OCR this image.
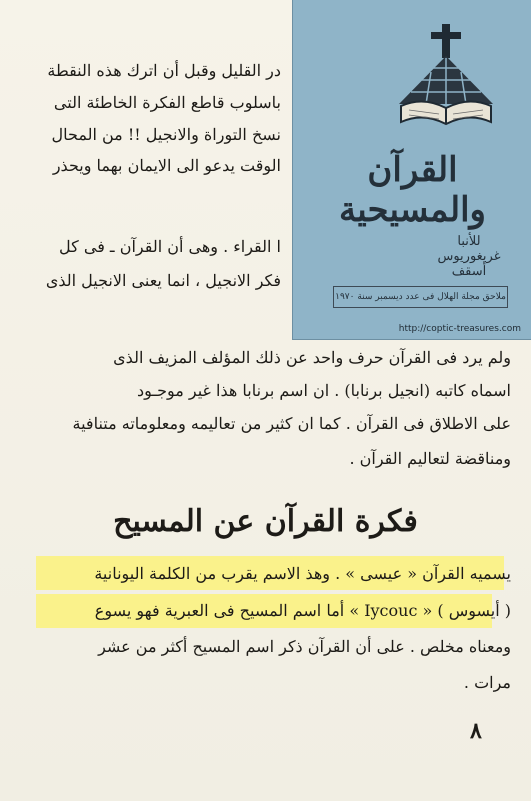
در القليل وقبل أن اترك هذه النقطة
باسلوب قاطع الفكرة الخاطئة التى
نسخ التوراة والانجيل !! من المحال
الوقت يدعو الى الايمان بهما ويحذر
ا القراء . وهى أن القرآن ـ فى كل
فكر الانجيل ، انما يعنى الانجيل الذى
ولم يرد فى القرآن حرف واحد عن ذلك المؤلف المزيف الذى
اسماه كاتبه (انجيل برنابا) . ان اسم برنابا هذا غير موجـود
على الاطلاق فى القرآن . كما ان كثير من تعاليمه ومعلوماته متنافية
ومناقضة لتعاليم القرآن .
فكرة القرآن عن المسيح
يسميه القرآن « عيسى » . وهذ الاسم يقرب من الكلمة اليونانية
( أيسوس ) « Iycouc » أما اسم المسيح فى العبرية فهو يسوع
ومعناه مخلص . على أن القرآن ذكر اسم المسيح أكثر من عشر
مرات .
٨
القرآن والمسيحية
للأنبا غريغوريوس أسقف
ملاحق مجلة الهلال فى عدد ديسمبر سنة ١٩٧٠
http://coptic-treasures.com
